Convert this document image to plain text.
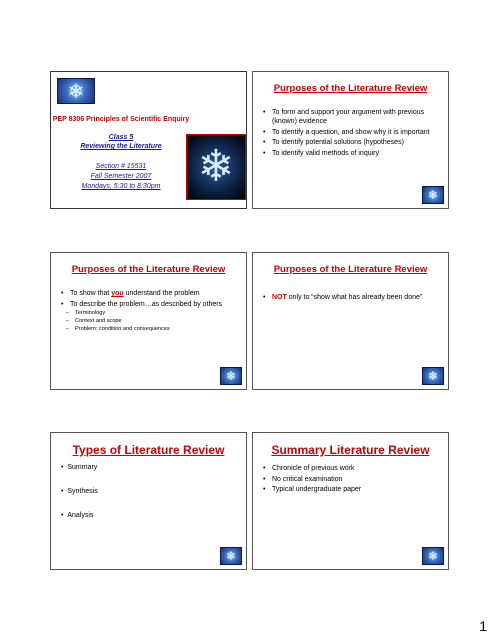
❄
PEP 8306 Principles of Scientific Enquiry
Class 5
Reviewing the Literature
Section # 15531
Fall Semester 2007
Mondays, 5:30 to 8:30pm
❄
Purposes of the Literature Review
• To form and support your argument with previous (known) evidence
• To identify a question, and show why it is important
• To identify potential solutions (hypotheses)
• To identify valid methods of inquiry
❄
Purposes of the Literature Review
• To show that you understand the problem
• To describe the problem…as described by others
– Terminology
– Context and scope
– Problem: condition and consequences
❄
Purposes of the Literature Review
• NOT only to “show what has already been done”
❄
Types of Literature Review
•  Summary
•  Synthesis
•  Analysis
❄
Summary Literature Review
• Chronicle of previous work
• No critical examination
• Typical undergraduate paper
❄
1
